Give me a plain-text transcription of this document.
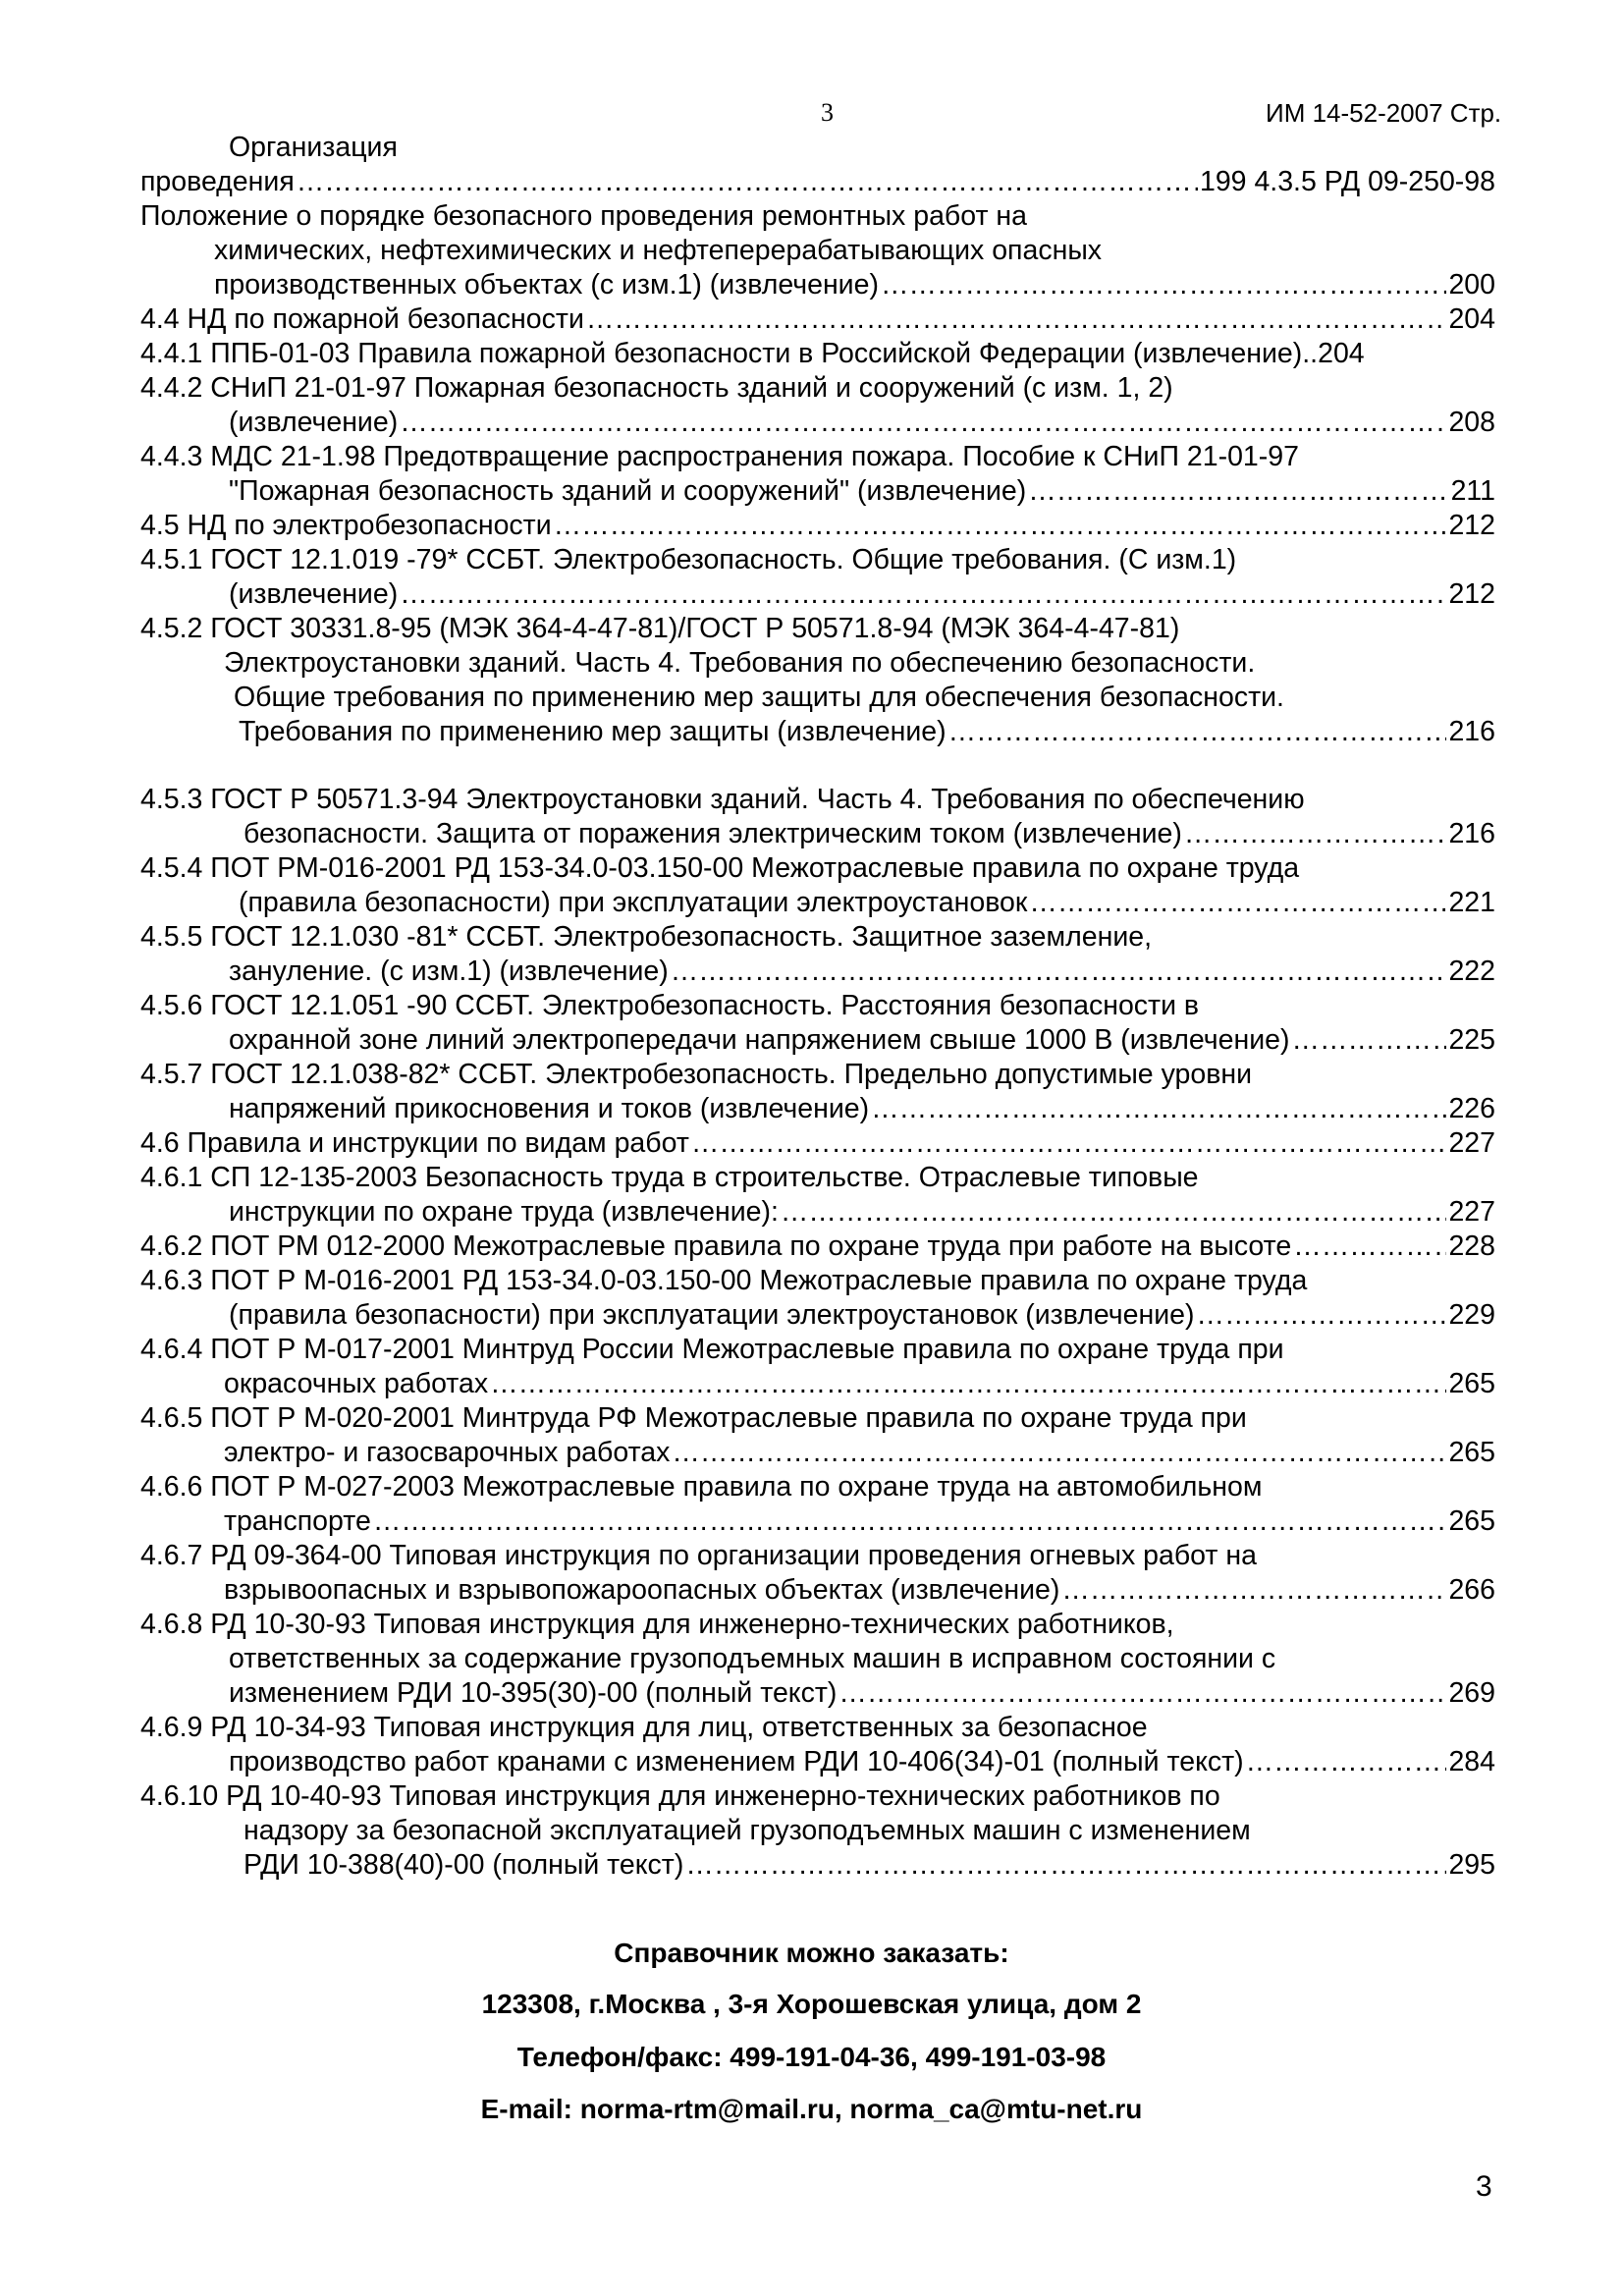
3	ИМ 14-52-2007 Стр.
Организация
проведения ………………………………………………………………………………………………………………………………………………………………………………………………………………………………………………………………………………	199 4.3.5 РД 09-250-98
Положение о порядке безопасного проведения ремонтных работ на
химических, нефтехимических и нефтеперерабатывающих опасных
производственных объектах (с изм.1) (извлечение) ………………………………………………………………………………………………………………………………………………………………………………………………………………………………………………………………………………	200
4.4 НД по пожарной безопасности ………………………………………………………………………………………………………………………………………………………………………………………………………………………………………………………………………………	204
4.4.1 ППБ-01-03 Правила пожарной безопасности в Российской Федерации (извлечение)..204
4.4.2 СНиП 21-01-97 Пожарная безопасность зданий и сооружений (с изм. 1, 2)
(извлечение) ………………………………………………………………………………………………………………………………………………………………………………………………………………………………………………………………………………	208
4.4.3 МДС 21-1.98 Предотвращение распространения пожара. Пособие к СНиП 21-01-97
"Пожарная безопасность зданий и сооружений" (извлечение) ………………………………………………………………………………………………………………………………………………………………………………………………………………………………………………………………………………	211
4.5 НД по электробезопасности ………………………………………………………………………………………………………………………………………………………………………………………………………………………………………………………………………………	212
4.5.1 ГОСТ 12.1.019 -79* ССБТ. Электробезопасность. Общие требования. (С изм.1)
(извлечение) ………………………………………………………………………………………………………………………………………………………………………………………………………………………………………………………………………………	212
4.5.2 ГОСТ 30331.8-95 (МЭК 364-4-47-81)/ГОСТ Р 50571.8-94 (МЭК 364-4-47-81)
Электроустановки зданий. Часть 4. Требования по обеспечению безопасности.
Общие требования по применению мер защиты для обеспечения безопасности.
Требования по применению мер защиты (извлечение) ………………………………………………………………………………………………………………………………………………………………………………………………………………………………………………………………………………	216
4.5.3 ГОСТ Р 50571.3-94 Электроустановки зданий. Часть 4. Требования по обеспечению
безопасности. Защита от поражения электрическим током (извлечение) ………………………………………………………………………………………………………………………………………………………………………………………………………………………………………………………………………………	216
4.5.4 ПОТ РМ-016-2001 РД 153-34.0-03.150-00 Межотраслевые правила по охране труда
(правила безопасности) при эксплуатации электроустановок ………………………………………………………………………………………………………………………………………………………………………………………………………………………………………………………………………………	221
4.5.5 ГОСТ 12.1.030 -81* ССБТ. Электробезопасность. Защитное заземление,
зануление. (с изм.1) (извлечение) ………………………………………………………………………………………………………………………………………………………………………………………………………………………………………………………………………………	222
4.5.6 ГОСТ 12.1.051 -90 ССБТ. Электробезопасность. Расстояния безопасности в
охранной зоне линий электропередачи напряжением свыше 1000 В (извлечение) ………………………………………………………………………………………………………………………………………………………………………………………………………………………………………………………………………………	225
4.5.7 ГОСТ 12.1.038-82* ССБТ. Электробезопасность. Предельно допустимые уровни
напряжений прикосновения и токов (извлечение) ………………………………………………………………………………………………………………………………………………………………………………………………………………………………………………………………………………	226
4.6 Правила и инструкции по видам работ ………………………………………………………………………………………………………………………………………………………………………………………………………………………………………………………………………………	227
4.6.1 СП 12-135-2003 Безопасность труда в строительстве. Отраслевые типовые
инструкции по охране труда (извлечение): ………………………………………………………………………………………………………………………………………………………………………………………………………………………………………………………………………………	227
4.6.2 ПОТ РМ 012-2000 Межотраслевые правила по охране труда при работе на высоте ………………………………………………………………………………………………………………………………………………………………………………………………………………………………………………………………………………	228
4.6.3 ПОТ Р М-016-2001 РД 153-34.0-03.150-00 Межотраслевые правила по охране труда
(правила безопасности) при эксплуатации электроустановок (извлечение) ………………………………………………………………………………………………………………………………………………………………………………………………………………………………………………………………………………	229
4.6.4 ПОТ Р М-017-2001 Минтруд России Межотраслевые правила по охране труда при
окрасочных работах ………………………………………………………………………………………………………………………………………………………………………………………………………………………………………………………………………………	265
4.6.5 ПОТ Р М-020-2001 Минтруда РФ Межотраслевые правила по охране труда при
электро- и газосварочных работах ………………………………………………………………………………………………………………………………………………………………………………………………………………………………………………………………………………	265
4.6.6 ПОТ Р М-027-2003 Межотраслевые правила по охране труда на автомобильном
транспорте ………………………………………………………………………………………………………………………………………………………………………………………………………………………………………………………………………………	265
4.6.7 РД 09-364-00 Типовая инструкция по организации проведения огневых работ на
взрывоопасных и взрывопожароопасных объектах (извлечение) ………………………………………………………………………………………………………………………………………………………………………………………………………………………………………………………………………………	266
4.6.8 РД 10-30-93 Типовая инструкция для инженерно-технических работников,
ответственных за содержание грузоподъемных машин в исправном состоянии с
изменением РДИ 10-395(30)-00 (полный текст) ………………………………………………………………………………………………………………………………………………………………………………………………………………………………………………………………………………	269
4.6.9 РД 10-34-93 Типовая инструкция для лиц, ответственных за безопасное
производство работ кранами с изменением РДИ 10-406(34)-01 (полный текст) ………………………………………………………………………………………………………………………………………………………………………………………………………………………………………………………………………………	284
4.6.10 РД 10-40-93 Типовая инструкция для инженерно-технических работников по
надзору за безопасной эксплуатацией грузоподъемных машин с изменением
РДИ 10-388(40)-00 (полный текст) ………………………………………………………………………………………………………………………………………………………………………………………………………………………………………………………………………………	295
Справочник можно заказать:
123308, г.Москва , 3-я Хорошевская улица, дом 2
Телефон/факс: 499-191-04-36, 499-191-03-98
E-mail: norma-rtm@mail.ru, norma_ca@mtu-net.ru
3
